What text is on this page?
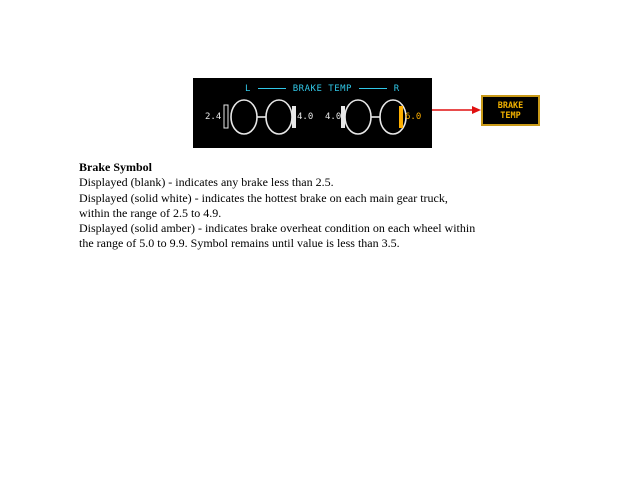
L	BRAKE TEMP	R
2.4	4.0 4.0	6.0
BRAKE
TEMP
Brake Symbol
Displayed (blank) - indicates any brake less than 2.5.
Displayed (solid white) - indicates the hottest brake on each main gear truck,
within the range of 2.5 to 4.9.
Displayed (solid amber) - indicates brake overheat condition on each wheel within
the range of 5.0 to 9.9. Symbol remains until value is less than 3.5.
